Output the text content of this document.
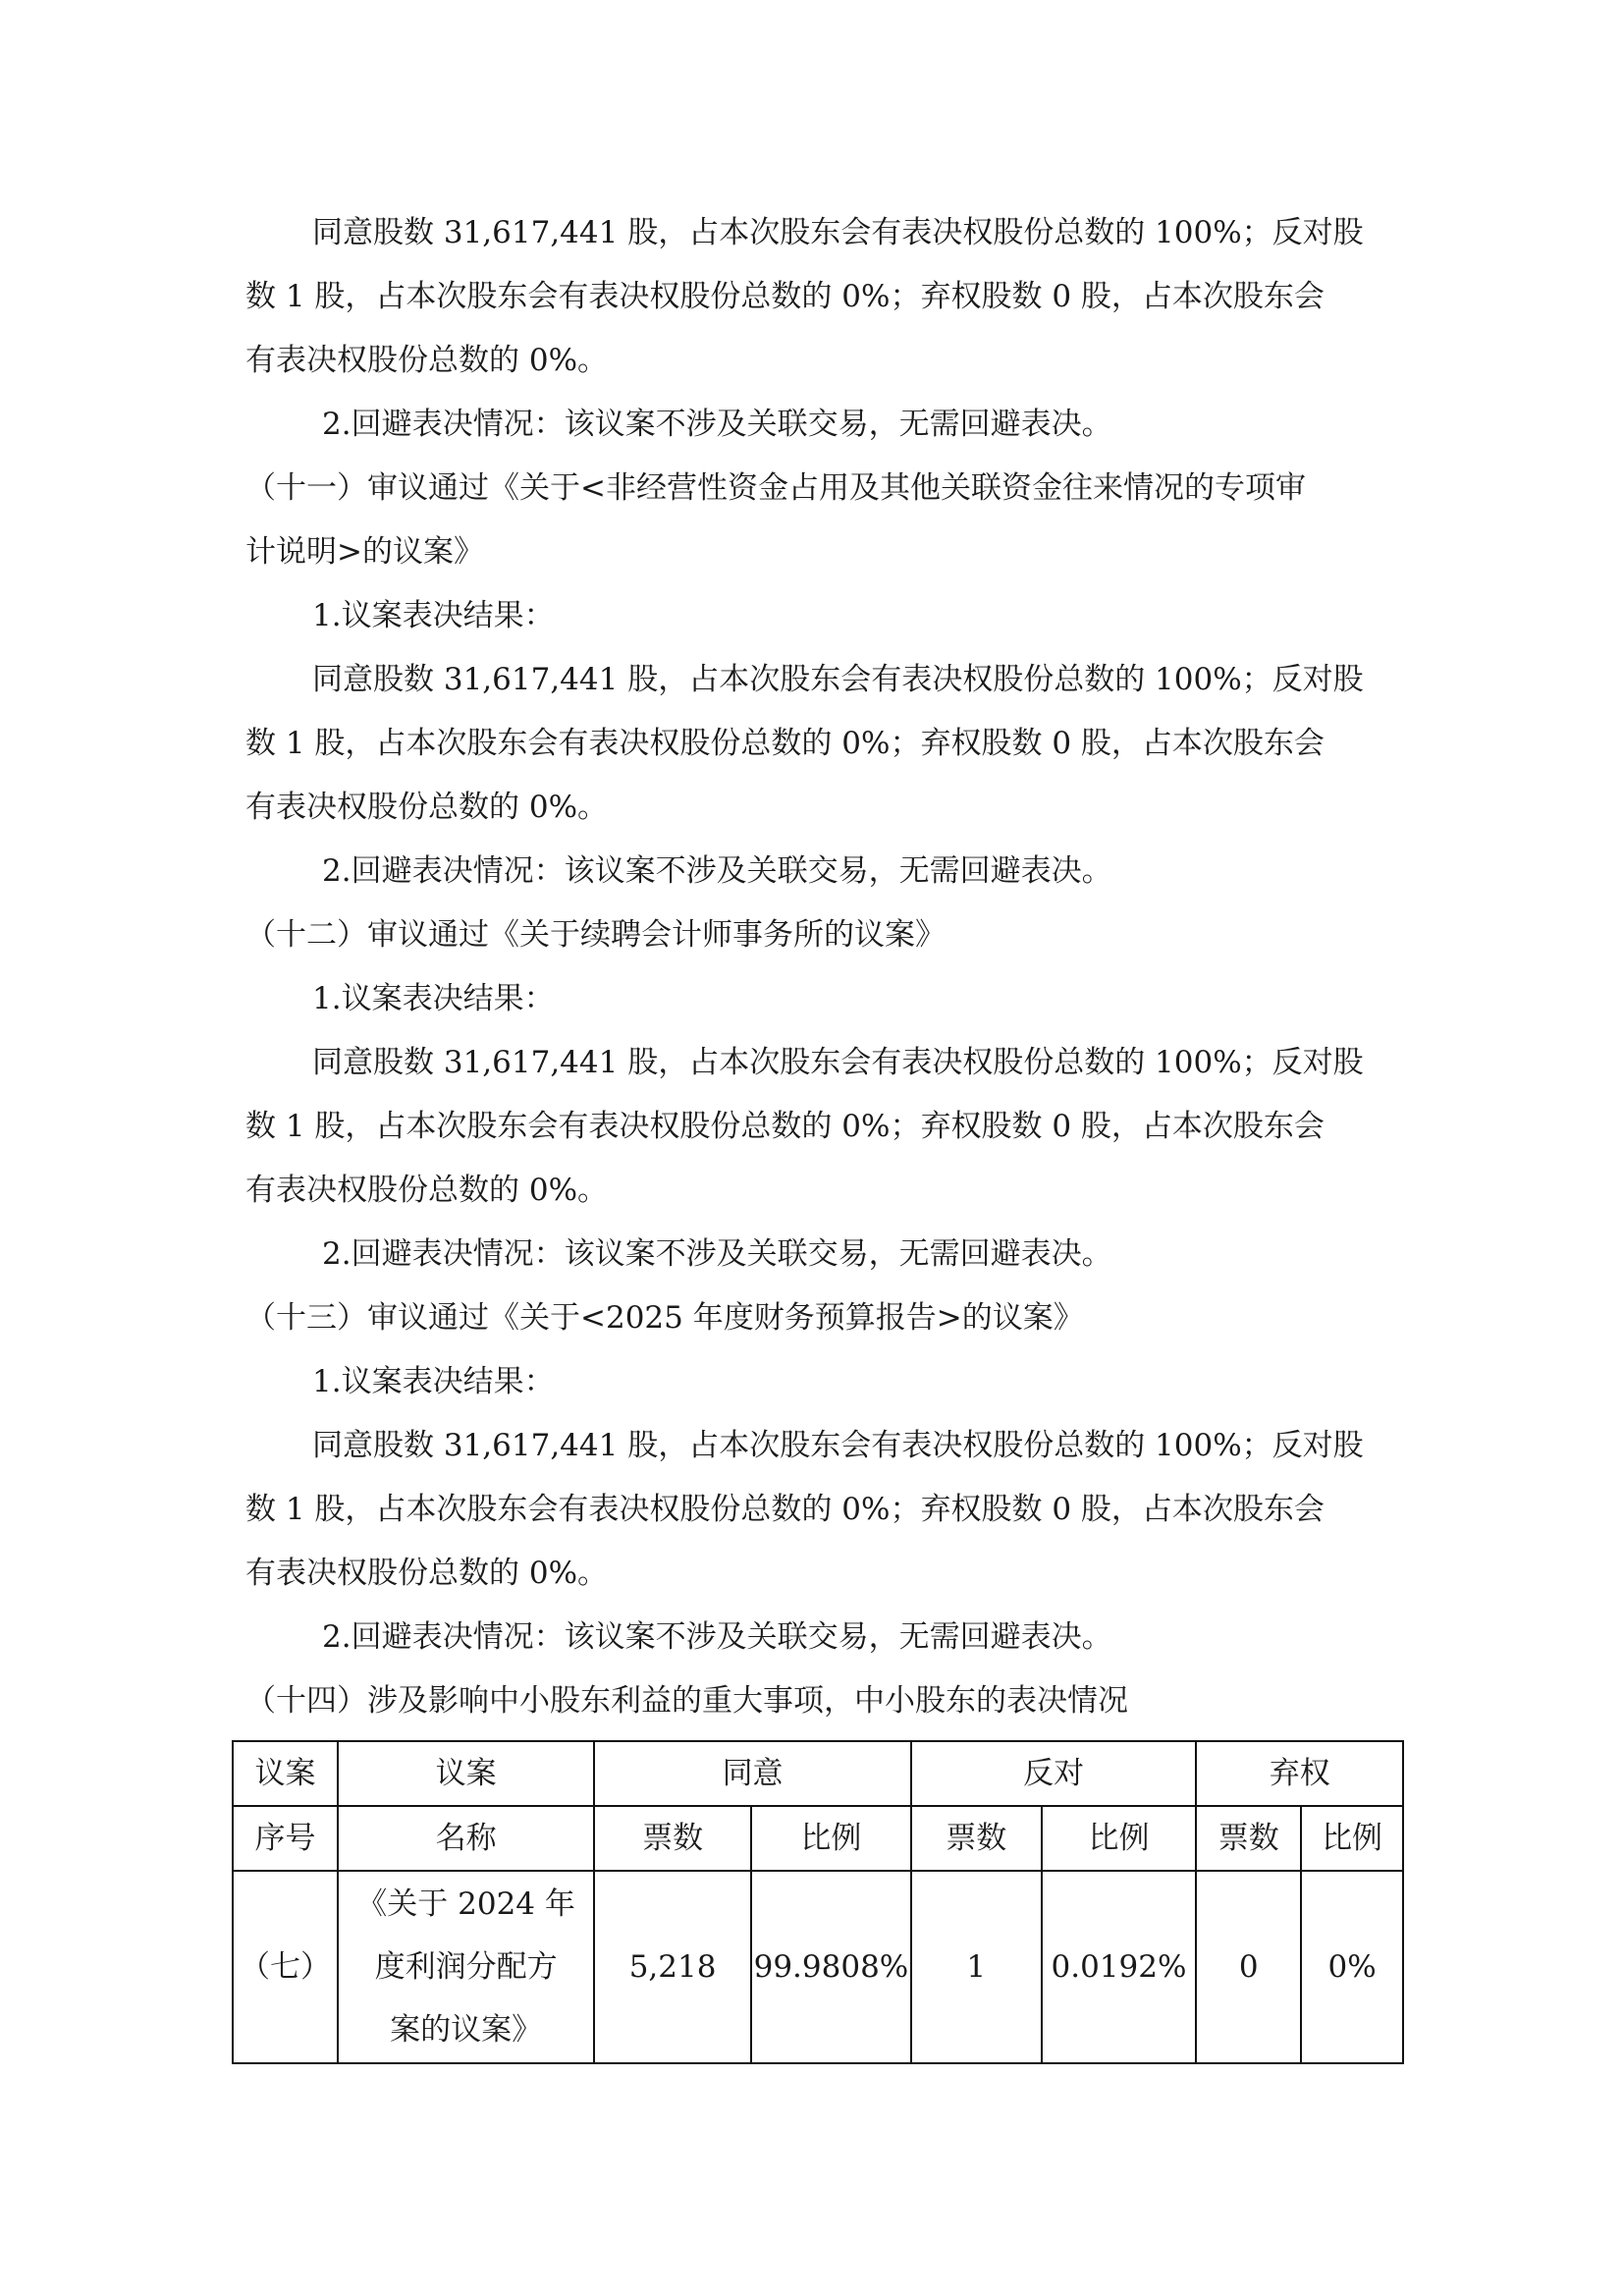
同意股数 31,617,441 股，占本次股东会有表决权股份总数的 100%；反对股

数 1 股，占本次股东会有表决权股份总数的 0%；弃权股数 0 股，占本次股东会

有表决权股份总数的 0%。

2.回避表决情况：该议案不涉及关联交易，无需回避表决。

（十一）审议通过《关于<非经营性资金占用及其他关联资金往来情况的专项审

计说明>的议案》

1.议案表决结果：

同意股数 31,617,441 股，占本次股东会有表决权股份总数的 100%；反对股

数 1 股，占本次股东会有表决权股份总数的 0%；弃权股数 0 股，占本次股东会

有表决权股份总数的 0%。

2.回避表决情况：该议案不涉及关联交易，无需回避表决。

（十二）审议通过《关于续聘会计师事务所的议案》

1.议案表决结果：

同意股数 31,617,441 股，占本次股东会有表决权股份总数的 100%；反对股

数 1 股，占本次股东会有表决权股份总数的 0%；弃权股数 0 股，占本次股东会

有表决权股份总数的 0%。

2.回避表决情况：该议案不涉及关联交易，无需回避表决。

（十三）审议通过《关于<2025 年度财务预算报告>的议案》

1.议案表决结果：

同意股数 31,617,441 股，占本次股东会有表决权股份总数的 100%；反对股

数 1 股，占本次股东会有表决权股份总数的 0%；弃权股数 0 股，占本次股东会

有表决权股份总数的 0%。

2.回避表决情况：该议案不涉及关联交易，无需回避表决。

（十四）涉及影响中小股东利益的重大事项，中小股东的表决情况

议案	议案	同意		反对		弃权	
序号	名称	票数	比例	票数	比例	票数	比例
（七）	《关于 2024 年
度利润分配方
案的议案》	5,218	99.9808%	1	0.0192%	0	0%
